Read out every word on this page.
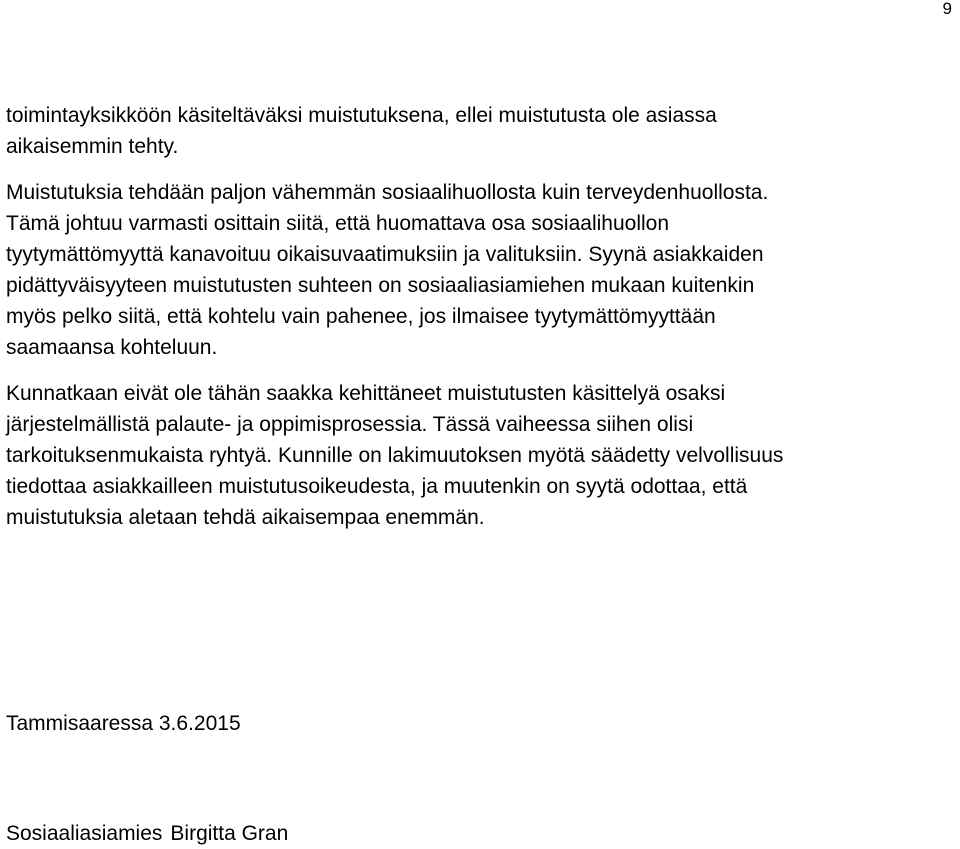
9

toimintayksikköön käsiteltäväksi muistutuksena, ellei muistutusta ole asiassa
aikaisemmin tehty.

Muistutuksia tehdään paljon vähemmän sosiaalihuollosta kuin terveydenhuollosta.
Tämä johtuu varmasti osittain siitä, että huomattava osa sosiaalihuollon
tyytymättömyyttä kanavoituu oikaisuvaatimuksiin ja valituksiin. Syynä asiakkaiden
pidättyväisyyteen muistutusten suhteen on sosiaaliasiamiehen mukaan kuitenkin
myös pelko siitä, että kohtelu vain pahenee, jos ilmaisee tyytymättömyyttään
saamaansa kohteluun.

Kunnatkaan eivät ole tähän saakka kehittäneet muistutusten käsittelyä osaksi
järjestelmällistä palaute- ja oppimisprosessia. Tässä vaiheessa siihen olisi
tarkoituksenmukaista ryhtyä. Kunnille on lakimuutoksen myötä säädetty velvollisuus
tiedottaa asiakkailleen muistutusoikeudesta, ja muutenkin on syytä odottaa, että
muistutuksia aletaan tehdä aikaisempaa enemmän.

Tammisaaressa 3.6.2015
Sosiaaliasiamies Birgitta Gran
